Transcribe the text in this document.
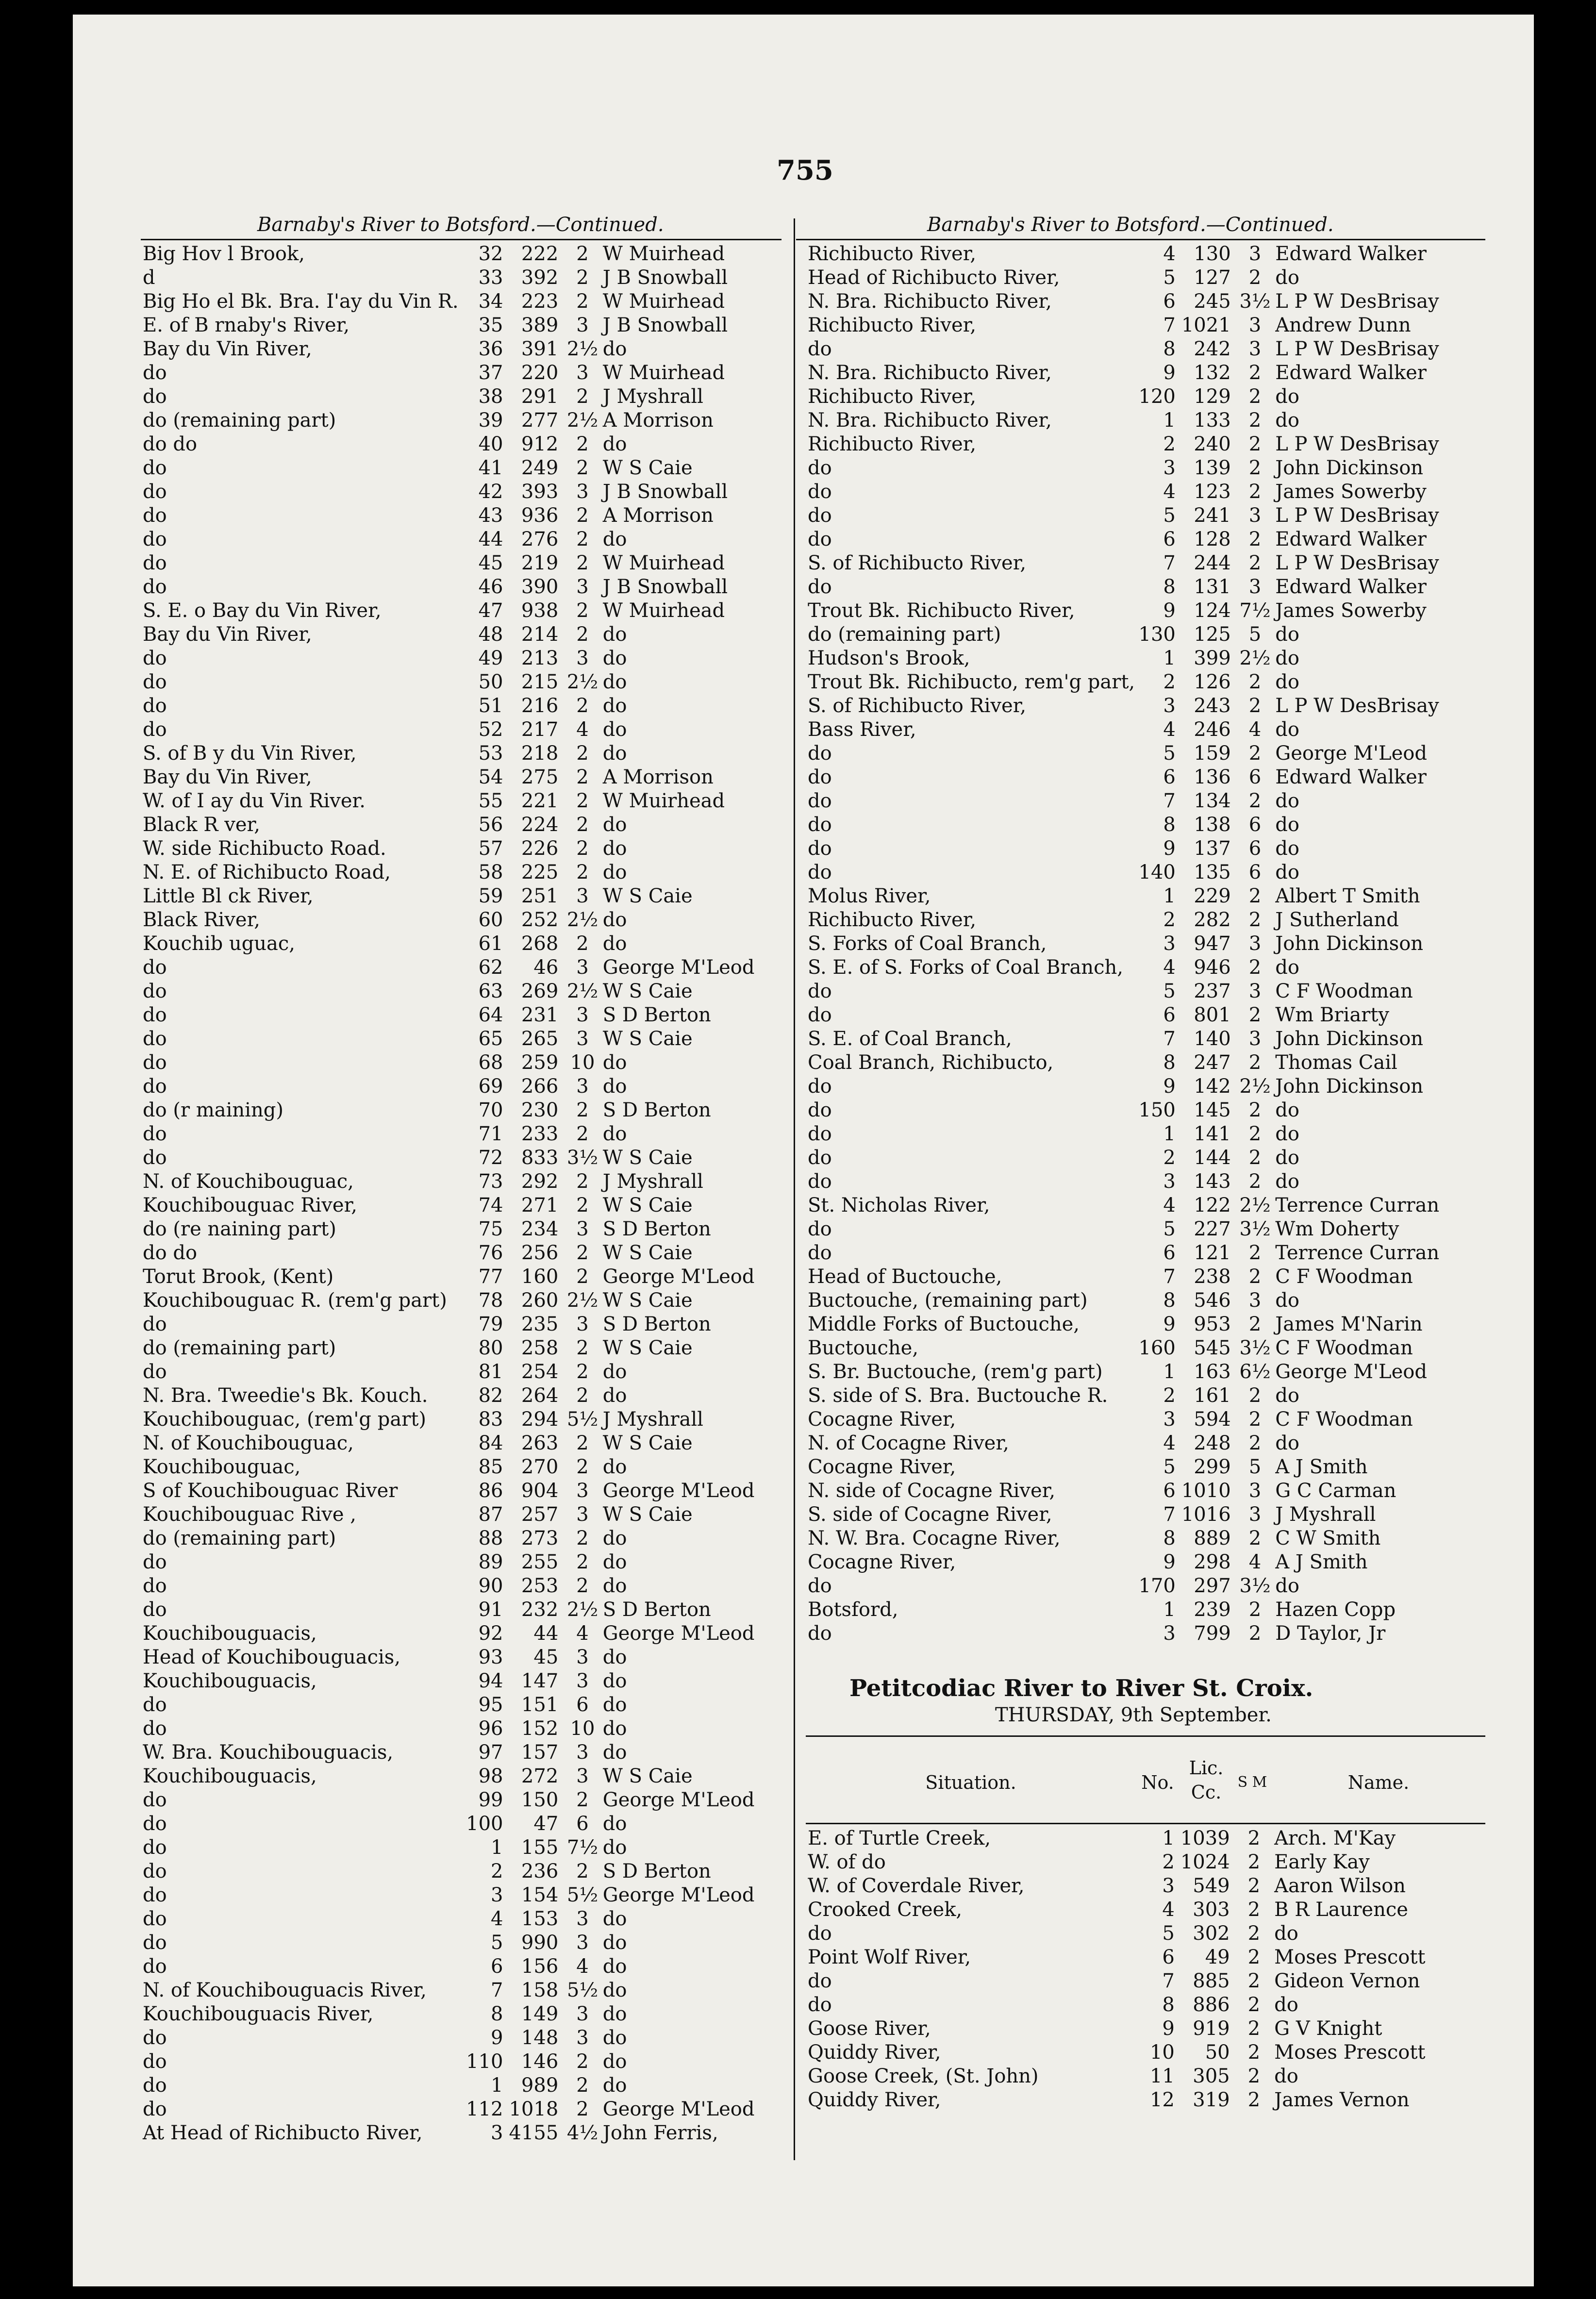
755
Barnaby's River to Botsford.—Continued.	Barnaby's River to Botsford.—Continued.
Big Hov l Brook,	32	222	2	W Muirhead
d	33	392	2	J B Snowball
Big Ho el Bk. Bra. I'ay du Vin R.	34	223	2	W Muirhead
E. of B rnaby's River,	35	389	3	J B Snowball
Bay du Vin River,	36	391	2½	do
do	37	220	3	W Muirhead
do	38	291	2	J Myshrall
do (remaining part)	39	277	2½	A Morrison
do do	40	912	2	do
do	41	249	2	W S Caie
do	42	393	3	J B Snowball
do	43	936	2	A Morrison
do	44	276	2	do
do	45	219	2	W Muirhead
do	46	390	3	J B Snowball
S. E. o Bay du Vin River,	47	938	2	W Muirhead
Bay du Vin River,	48	214	2	do
do	49	213	3	do
do	50	215	2½	do
do	51	216	2	do
do	52	217	4	do
S. of B y du Vin River,	53	218	2	do
Bay du Vin River,	54	275	2	A Morrison
W. of I ay du Vin River.	55	221	2	W Muirhead
Black R ver,	56	224	2	do
W. side Richibucto Road.	57	226	2	do
N. E. of Richibucto Road,	58	225	2	do
Little Bl ck River,	59	251	3	W S Caie
Black River,	60	252	2½	do
Kouchib uguac,	61	268	2	do
do	62	46	3	George M'Leod
do	63	269	2½	W S Caie
do	64	231	3	S D Berton
do	65	265	3	W S Caie
do	68	259	10	do
do	69	266	3	do
do (r maining)	70	230	2	S D Berton
do	71	233	2	do
do	72	833	3½	W S Caie
N. of Kouchibouguac,	73	292	2	J Myshrall
Kouchibouguac River,	74	271	2	W S Caie
do (re naining part)	75	234	3	S D Berton
do do	76	256	2	W S Caie
Torut Brook, (Kent)	77	160	2	George M'Leod
Kouchibouguac R. (rem'g part)	78	260	2½	W S Caie
do	79	235	3	S D Berton
do (remaining part)	80	258	2	W S Caie
do	81	254	2	do
N. Bra. Tweedie's Bk. Kouch.	82	264	2	do
Kouchibouguac, (rem'g part)	83	294	5½	J Myshrall
N. of Kouchibouguac,	84	263	2	W S Caie
Kouchibouguac,	85	270	2	do
S of Kouchibouguac River	86	904	3	George M'Leod
Kouchibouguac Rive ,	87	257	3	W S Caie
do (remaining part)	88	273	2	do
do	89	255	2	do
do	90	253	2	do
do	91	232	2½	S D Berton
Kouchibouguacis,	92	44	4	George M'Leod
Head of Kouchibouguacis,	93	45	3	do
Kouchibouguacis,	94	147	3	do
do	95	151	6	do
do	96	152	10	do
W. Bra. Kouchibouguacis,	97	157	3	do
Kouchibouguacis,	98	272	3	W S Caie
do	99	150	2	George M'Leod
do	100	47	6	do
do	1	155	7½	do
do	2	236	2	S D Berton
do	3	154	5½	George M'Leod
do	4	153	3	do
do	5	990	3	do
do	6	156	4	do
N. of Kouchibouguacis River,	7	158	5½	do
Kouchibouguacis River,	8	149	3	do
do	9	148	3	do
do	110	146	2	do
do	1	989	2	do
do	112	1018	2	George M'Leod
At Head of Richibucto River,	3	4155	4½	John Ferris,
Richibucto River,	4	130	3	Edward Walker
Head of Richibucto River,	5	127	2	do
N. Bra. Richibucto River,	6	245	3½	L P W DesBrisay
Richibucto River,	7	1021	3	Andrew Dunn
do	8	242	3	L P W DesBrisay
N. Bra. Richibucto River,	9	132	2	Edward Walker
Richibucto River,	120	129	2	do
N. Bra. Richibucto River,	1	133	2	do
Richibucto River,	2	240	2	L P W DesBrisay
do	3	139	2	John Dickinson
do	4	123	2	James Sowerby
do	5	241	3	L P W DesBrisay
do	6	128	2	Edward Walker
S. of Richibucto River,	7	244	2	L P W DesBrisay
do	8	131	3	Edward Walker
Trout Bk. Richibucto River,	9	124	7½	James Sowerby
do (remaining part)	130	125	5	do
Hudson's Brook,	1	399	2½	do
Trout Bk. Richibucto, rem'g part,	2	126	2	do
S. of Richibucto River,	3	243	2	L P W DesBrisay
Bass River,	4	246	4	do
do	5	159	2	George M'Leod
do	6	136	6	Edward Walker
do	7	134	2	do
do	8	138	6	do
do	9	137	6	do
do	140	135	6	do
Molus River,	1	229	2	Albert T Smith
Richibucto River,	2	282	2	J Sutherland
S. Forks of Coal Branch,	3	947	3	John Dickinson
S. E. of S. Forks of Coal Branch,	4	946	2	do
do	5	237	3	C F Woodman
do	6	801	2	Wm Briarty
S. E. of Coal Branch,	7	140	3	John Dickinson
Coal Branch, Richibucto,	8	247	2	Thomas Cail
do	9	142	2½	John Dickinson
do	150	145	2	do
do	1	141	2	do
do	2	144	2	do
do	3	143	2	do
St. Nicholas River,	4	122	2½	Terrence Curran
do	5	227	3½	Wm Doherty
do	6	121	2	Terrence Curran
Head of Buctouche,	7	238	2	C F Woodman
Buctouche, (remaining part)	8	546	3	do
Middle Forks of Buctouche,	9	953	2	James M'Narin
Buctouche,	160	545	3½	C F Woodman
S. Br. Buctouche, (rem'g part)	1	163	6½	George M'Leod
S. side of S. Bra. Buctouche R.	2	161	2	do
Cocagne River,	3	594	2	C F Woodman
N. of Cocagne River,	4	248	2	do
Cocagne River,	5	299	5	A J Smith
N. side of Cocagne River,	6	1010	3	G C Carman
S. side of Cocagne River,	7	1016	3	J Myshrall
N. W. Bra. Cocagne River,	8	889	2	C W Smith
Cocagne River,	9	298	4	A J Smith
do	170	297	3½	do
Botsford,	1	239	2	Hazen Copp
do	3	799	2	D Taylor, Jr
Petitcodiac River to River St. Croix.
THURSDAY, 9th September.
Situation.	No.
Lic.
Cc.	S M	Name.
E. of Turtle Creek,	1	1039	2	Arch. M'Kay
W. of do	2	1024	2	Early Kay
W. of Coverdale River,	3	549	2	Aaron Wilson
Crooked Creek,	4	303	2	B R Laurence
do	5	302	2	do
Point Wolf River,	6	49	2	Moses Prescott
do	7	885	2	Gideon Vernon
do	8	886	2	do
Goose River,	9	919	2	G V Knight
Quiddy River,	10	50	2	Moses Prescott
Goose Creek, (St. John)	11	305	2	do
Quiddy River,	12	319	2	James Vernon
